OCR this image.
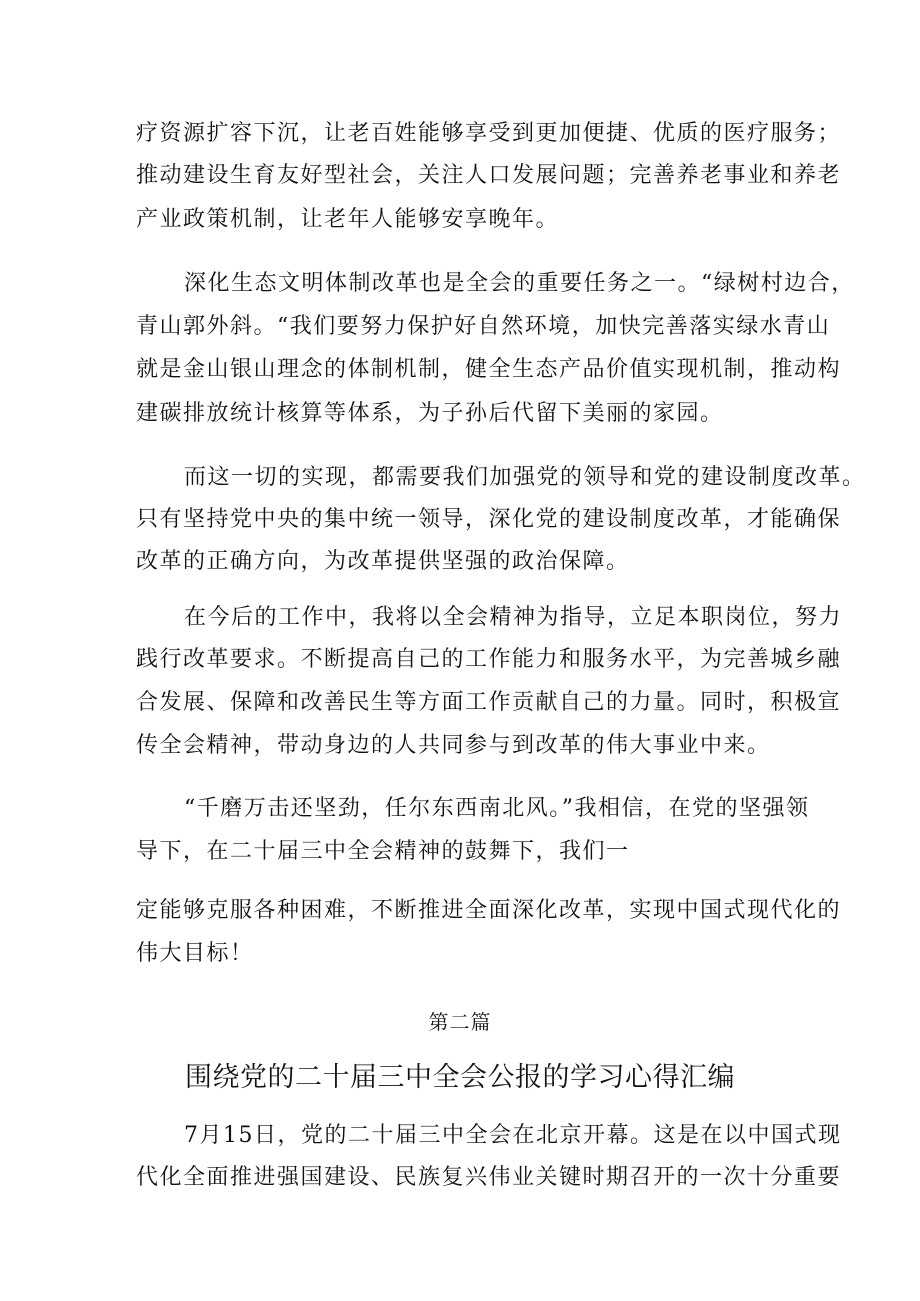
疗资源扩容下沉，让老百姓能够享受到更加便捷、优质的医疗服务；
推动建设生育友好型社会，关注人口发展问题；完善养老事业和养老
产业政策机制，让老年人能够安享晚年。
深化生态文明体制改革也是全会的重要任务之一。“绿树村边合，
青山郭外斜。“我们要努力保护好自然环境，加快完善落实绿水青山
就是金山银山理念的体制机制，健全生态产品价值实现机制，推动构
建碳排放统计核算等体系，为子孙后代留下美丽的家园。
而这一切的实现，都需要我们加强党的领导和党的建设制度改革。
只有坚持党中央的集中统一领导，深化党的建设制度改革，才能确保
改革的正确方向，为改革提供坚强的政治保障。
在今后的工作中，我将以全会精神为指导，立足本职岗位，努力
践行改革要求。不断提高自己的工作能力和服务水平，为完善城乡融
合发展、保障和改善民生等方面工作贡献自己的力量。同时，积极宣
传全会精神，带动身边的人共同参与到改革的伟大事业中来。
“千磨万击还坚劲，任尔东西南北风。”我相信，在党的坚强领
导下，在二十届三中全会精神的鼓舞下，我们一
定能够克服各种困难，不断推进全面深化改革，实现中国式现代化的
伟大目标！
第二篇
围绕党的二十届三中全会公报的学习心得汇编
7月15日，党的二十届三中全会在北京开幕。这是在以中国式现
代化全面推进强国建设、民族复兴伟业关键时期召开的一次十分重要
